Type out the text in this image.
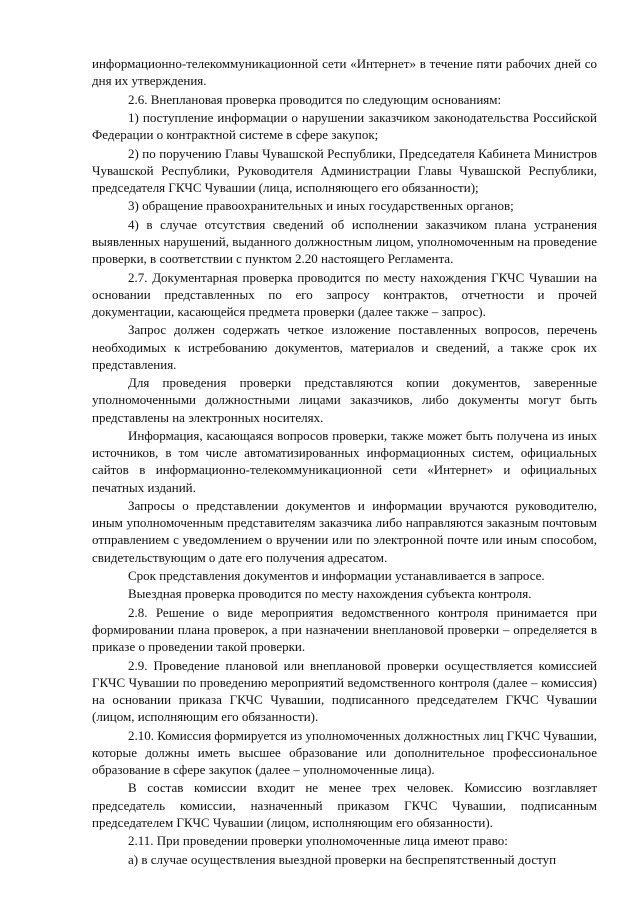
информационно-телекоммуникационной сети «Интернет» в течение пяти рабочих дней со дня их утверждения.

2.6. Внеплановая проверка проводится по следующим основаниям:

1) поступление информации о нарушении заказчиком законодательства Российской Федерации о контрактной системе в сфере закупок;

2) по поручению Главы Чувашской Республики, Председателя Кабинета Министров Чувашской Республики, Руководителя Администрации Главы Чувашской Республики, председателя ГКЧС Чувашии (лица, исполняющего его обязанности);

3) обращение правоохранительных и иных государственных органов;

4) в случае отсутствия сведений об исполнении заказчиком плана устранения выявленных нарушений, выданного должностным лицом, уполномоченным на проведение проверки, в соответствии с пунктом 2.20 настоящего Регламента.

2.7. Документарная проверка проводится по месту нахождения ГКЧС Чувашии на основании представленных по его запросу контрактов, отчетности и прочей документации, касающейся предмета проверки (далее также – запрос).

Запрос должен содержать четкое изложение поставленных вопросов, перечень необходимых к истребованию документов, материалов и сведений, а также срок их представления.

Для проведения проверки представляются копии документов, заверенные уполномоченными должностными лицами заказчиков, либо документы могут быть представлены на электронных носителях.

Информация, касающаяся вопросов проверки, также может быть получена из иных источников, в том числе автоматизированных информационных систем, официальных сайтов в информационно-телекоммуникационной сети «Интернет» и официальных печатных изданий.

Запросы о представлении документов и информации вручаются руководителю, иным уполномоченным представителям заказчика либо направляются заказным почтовым отправлением с уведомлением о вручении или по электронной почте или иным способом, свидетельствующим о дате его получения адресатом.

Срок представления документов и информации устанавливается в запросе.

Выездная проверка проводится по месту нахождения субъекта контроля.

2.8. Решение о виде мероприятия ведомственного контроля принимается при формировании плана проверок, а при назначении внеплановой проверки – определяется в приказе о проведении такой проверки.

2.9. Проведение плановой или внеплановой проверки осуществляется комиссией ГКЧС Чувашии по проведению мероприятий ведомственного контроля (далее – комиссия) на основании приказа ГКЧС Чувашии, подписанного председателем ГКЧС Чувашии (лицом, исполняющим его обязанности).

2.10. Комиссия формируется из уполномоченных должностных лиц ГКЧС Чувашии, которые должны иметь высшее образование или дополнительное профессиональное образование в сфере закупок (далее – уполномоченные лица).

В состав комиссии входит не менее трех человек. Комиссию возглавляет председатель комиссии, назначенный приказом ГКЧС Чувашии, подписанным председателем ГКЧС Чувашии (лицом, исполняющим его обязанности).

2.11. При проведении проверки уполномоченные лица имеют право:

а) в случае осуществления выездной проверки на беспрепятственный доступ
